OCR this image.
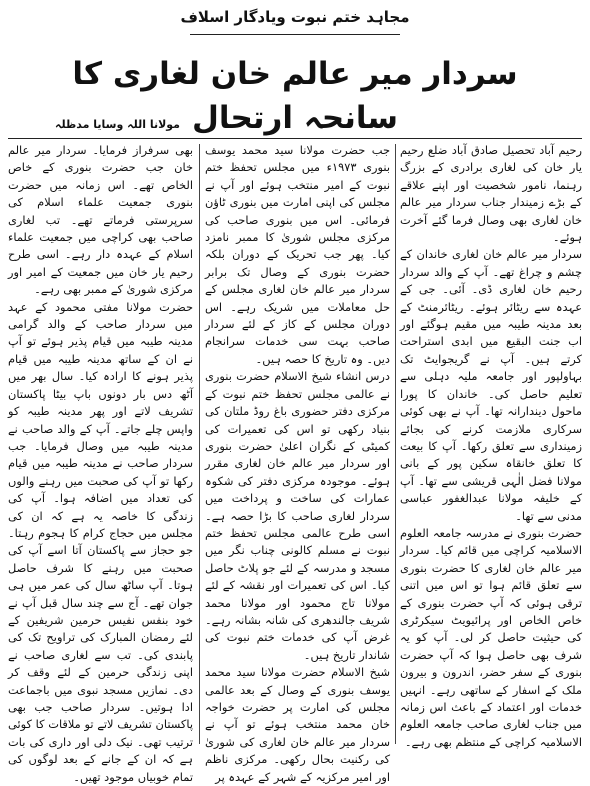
مجاہد ختم نبوت ویادگار اسلاف
سردار میر عالم خان لغاری کا سانحہ ارتحال
مولانا اللہ وسایا مدظلہ

رحیم آباد تحصیل صادق آباد ضلع رحیم یار خان کی لغاری برادری کے بزرگ رہنما، نامور شخصیت اور اپنے علاقے کے بڑے زمیندار جناب سردار میر عالم خان لغاری بھی وصال فرما گئے آخرت ہوئے۔

سردار میر عالم خان لغاری خاندان کے چشم و چراغ تھے۔ آپ کے والد سردار رحیم خان لغاری ڈی۔ آئی۔ جی کے عہدہ سے ریٹائر ہوئے۔ ریٹائرمنٹ کے بعد مدینہ طیبہ میں مقیم ہوگئے اور اب جنت البقیع میں ابدی استراحت کرتے ہیں۔ آپ نے گریجوایٹ تک بہاولپور اور جامعہ ملیہ دہلی سے تعلیم حاصل کی۔ خاندان کا پورا ماحول دیندارانہ تھا۔ آپ نے بھی کوئی سرکاری ملازمت کرنے کی بجائے زمینداری سے تعلق رکھا۔ آپ کا بیعت کا تعلق خانقاہ سکین پور کے بانی مولانا فضل الٰہی قریشی سے تھا۔ آپ کے خلیفہ مولانا عبدالغفور عباسی مدنی سے تھا۔

حضرت بنوری نے مدرسہ جامعہ العلوم الاسلامیہ کراچی میں قائم کیا۔ سردار میر عالم خان لغاری کا حضرت بنوری سے تعلق قائم ہوا تو اس میں اتنی ترقی ہوئی کہ آپ حضرت بنوری کے خاص الخاص اور پرائیویٹ سیکرٹری کی حیثیت حاصل کر لی۔ آپ کو یہ شرف بھی حاصل ہوا کہ آپ حضرت بنوری کے سفر حضر، اندرون و بیرون ملک کے اسفار کے ساتھی رہے۔ انہیں خدمات اور اعتماد کے باعث اس زمانہ میں جناب لغاری صاحب جامعہ العلوم الاسلامیہ کراچی کے منتظم بھی رہے۔

جب حضرت مولانا سید محمد یوسف بنوری ۱۹۷۳ء میں مجلس تحفظ ختم نبوت کے امیر منتخب ہوئے اور آپ نے مجلس کی اپنی امارت میں بنوری ٹاؤن فرمائی۔ اس میں بنوری صاحب کی مرکزی مجلس شوریٰ کا ممبر نامزد کیا۔ پھر جب تحریک کے دوران بلکہ حضرت بنوری کے وصال تک برابر سردار میر عالم خان لغاری مجلس کے حل معاملات میں شریک رہے۔ اس دوران مجلس کے کاز کے لئے سردار صاحب بہت سی خدمات سرانجام دیں۔ وہ تاریخ کا حصہ ہیں۔

درس انشاء شیخ الاسلام حضرت بنوری نے عالمی مجلس تحفظ ختم نبوت کے مرکزی دفتر حضوری باغ روڈ ملتان کی بنیاد رکھی تو اس کی تعمیرات کی کمیٹی کے نگران اعلیٰ حضرت بنوری اور سردار میر عالم خان لغاری مقرر ہوئے۔ موجودہ مرکزی دفتر کی شکوہ عمارات کی ساخت و پرداخت میں سردار لغاری صاحب کا بڑا حصہ ہے۔ اسی طرح عالمی مجلس تحفظ ختم نبوت نے مسلم کالونی چناب نگر میں مسجد و مدرسہ کے لئے جو پلاٹ حاصل کیا۔ اس کی تعمیرات اور نقشہ کے لئے مولانا تاج محمود اور مولانا محمد شریف جالندھری کی شانہ بشانہ رہے۔ غرض آپ کی خدمات ختم نبوت کی شاندار تاریخ ہیں۔

شیخ الاسلام حضرت مولانا سید محمد یوسف بنوری کے وصال کے بعد عالمی مجلس کی امارت پر حضرت خواجہ خان محمد منتخب ہوئے تو آپ نے سردار میر عالم خان لغاری کی شوریٰ کی رکنیت بحال رکھی۔ مرکزی ناظم اور امیر مرکزیہ کے شہر کے عہدہ پر

بھی سرفراز فرمایا۔ سردار میر عالم خان جب حضرت بنوری کے خاص الخاص تھے۔ اس زمانہ میں حضرت بنوری جمعیت علماء اسلام کی سرپرستی فرماتے تھے۔ تب لغاری صاحب بھی کراچی میں جمعیت علماء اسلام کے عہدہ دار رہے۔ اسی طرح رحیم یار خان میں جمعیت کے امیر اور مرکزی شوریٰ کے ممبر بھی رہے۔

حضرت مولانا مفتی محمود کے عہد میں سردار صاحب کے والد گرامی مدینہ طیبہ میں قیام پذیر ہوئے تو آپ نے ان کے ساتھ مدینہ طیبہ میں قیام پذیر ہونے کا ارادہ کیا۔ سال بھر میں آٹھ دس بار دونوں باپ بیٹا پاکستان تشریف لاتے اور پھر مدینہ طیبہ کو واپس چلے جاتے۔ آپ کے والد صاحب نے مدینہ طیبہ میں وصال فرمایا۔ جب سردار صاحب نے مدینہ طیبہ میں قیام رکھا تو آپ کی صحبت میں رہنے والوں کی تعداد میں اضافہ ہوا۔ آپ کی زندگی کا خاصہ یہ ہے کہ ان کی مجلس میں حجاج کرام کا ہجوم رہتا۔ جو حجاز سے پاکستان آتا اسے آپ کی صحبت میں رہنے کا شرف حاصل ہوتا۔ آپ ساٹھ سال کی عمر میں ہی جوان تھے۔ آج سے چند سال قبل آپ نے خود بنفس نفیس حرمین شریفین کے لئے رمضان المبارک کی تراویح تک کی پابندی کی۔ تب سے لغاری صاحب نے اپنی زندگی حرمین کے لئے وقف کر دی۔ نمازیں مسجد نبوی میں باجماعت ادا ہوتیں۔ سردار صاحب جب بھی پاکستان تشریف لاتے تو ملاقات کا کوئی ترتیب تھی۔ نیک دلی اور داری کی بات ہے کہ ان کے جانے کے بعد لوگوں کی تمام خوبیاں موجود تھیں۔
